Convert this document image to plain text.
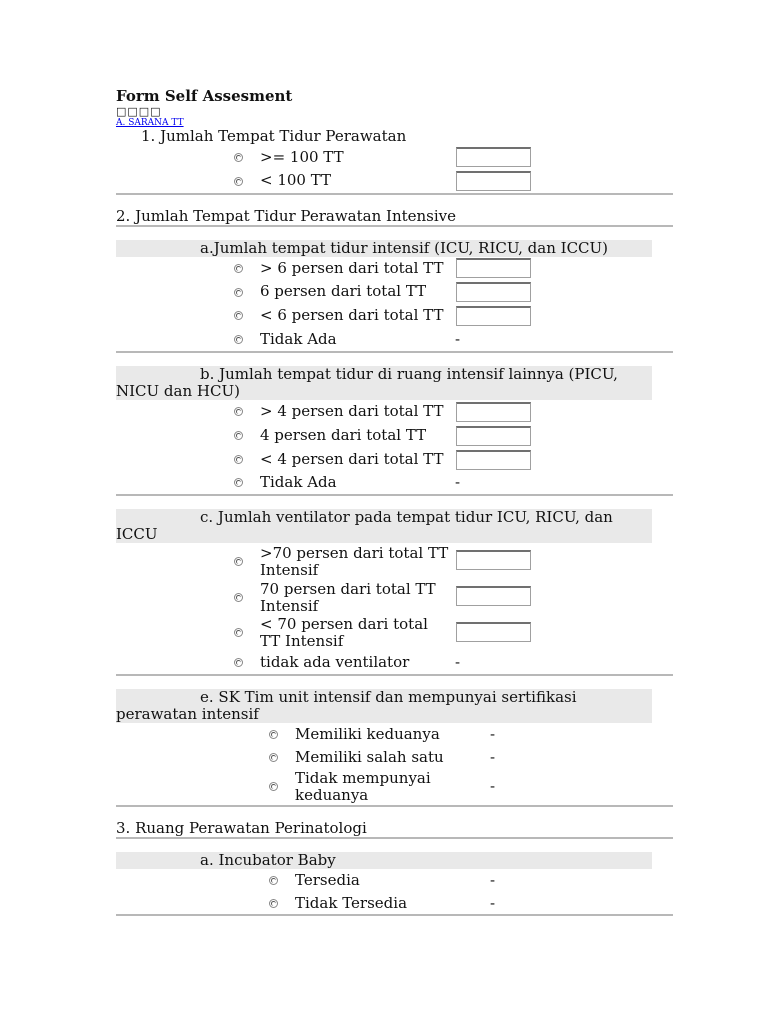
Form Self Assesment
□□□□
A. SARANA TT
1. Jumlah Tempat Tidur Perawatan
>= 100 TT
< 100 TT
2. Jumlah Tempat Tidur Perawatan Intensive
a.Jumlah tempat tidur intensif (ICU, RICU, dan ICCU)
> 6 persen dari total TT
6 persen dari total TT
< 6 persen dari total TT
Tidak Ada	-
b. Jumlah tempat tidur di ruang intensif lainnya (PICU, NICU dan HCU)
> 4 persen dari total TT
4 persen dari total TT
< 4 persen dari total TT
Tidak Ada	-
c. Jumlah ventilator pada tempat tidur ICU, RICU, dan ICCU
>70 persen dari total TT Intensif
70 persen dari total TT Intensif
< 70 persen dari total TT Intensif
tidak ada ventilator	-
e. SK Tim unit intensif dan mempunyai sertifikasi perawatan intensif
Memiliki keduanya	-
Memiliki salah satu	-
Tidak mempunyai keduanya	-
3. Ruang Perawatan Perinatologi
a. Incubator Baby
Tersedia	-
Tidak Tersedia	-
